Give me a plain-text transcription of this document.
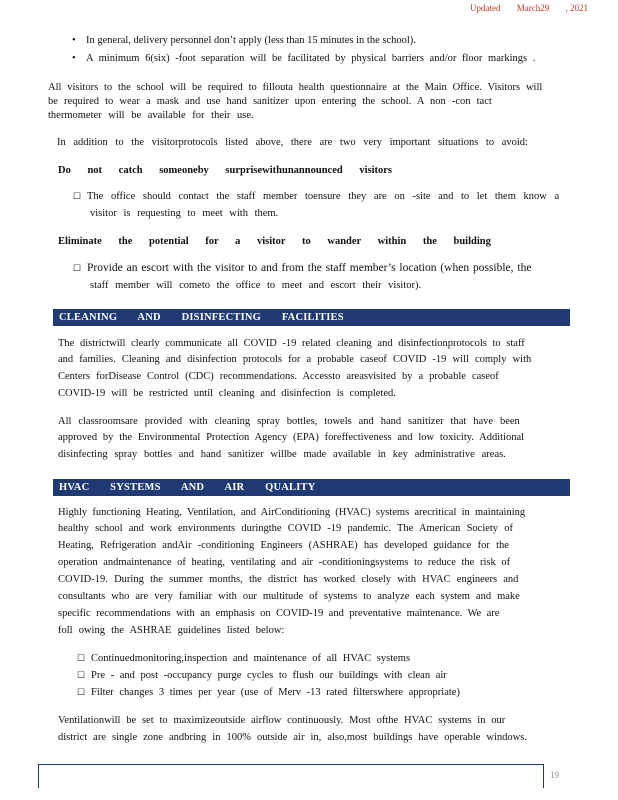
Updated March29 , 2021
• In general, delivery personnel don’t apply (less than 15 minutes in the school).
• A minimum 6(six) -foot separation will be facilitated by physical barriers and/or floor markings .
All visitors to the school will be required to fillouta health questionnaire at the Main Office. Visitors will
be required to wear a mask and use hand sanitizer upon entering the school. A non -con tact
thermometer will be available for their use.
In addition to the visitorprotocols listed above, there are two very important situations to avoid:
Do not catch someoneby surprisewithunannounced visitors
☐ The office should contact the staff member toensure they are on -site and to let them know a
visitor is requesting to meet with them.
Eliminate the potential for a visitor to wander within the building
☐ Provide an escort with the visitor to and from the staff member’s location (when possible, the
staff member will cometo the office to meet and escort their visitor).
CLEANING AND DISINFECTING FACILITIES
The districtwill clearly communicate all COVID -19 related cleaning and disinfectionprotocols to staff
and families. Cleaning and disinfection protocols for a probable caseof COVID -19 will comply with
Centers forDisease Control (CDC) recommendations. Accessto areasvisited by a probable caseof
COVID-19 will be restricted until cleaning and disinfection is completed.
All classroomsare provided with cleaning spray bottles, towels and hand sanitizer that have been
approved by the Environmental Protection Agency (EPA) foreffectiveness and low toxicity. Additional
disinfecting spray bottles and hand sanitizer willbe made available in key administrative areas.
HVAC SYSTEMS AND AIR QUALITY
Highly functioning Heating, Ventilation, and AirConditioning (HVAC) systems arecritical in maintaining
healthy school and work environments duringthe COVID -19 pandemic. The American Society of
Heating, Refrigeration andAir -conditioning Engineers (ASHRAE) has developed guidance for the
operation andmaintenance of heating, ventilating and air -conditioningsystems to reduce the risk of
COVID-19. During the summer months, the district has worked closely with HVAC engineers and
consultants who are very familiar with our multitude of systems to analyze each system and make
specific recommendations with an emphasis on COVID-19 and preventative maintenance. We are
foll owing the ASHRAE guidelines listed below:
☐ Continuedmonitoring,inspection and maintenance of all HVAC systems
☐ Pre - and post -occupancy purge cycles to flush our buildings with clean air
☐ Filter changes 3 times per year (use of Merv -13 rated filterswhere appropriate)
Ventilationwill be set to maximizeoutside airflow continuously. Most ofthe HVAC systems in our
district are single zone andbring in 100% outside air in, also,most buildings have operable windows.
19
